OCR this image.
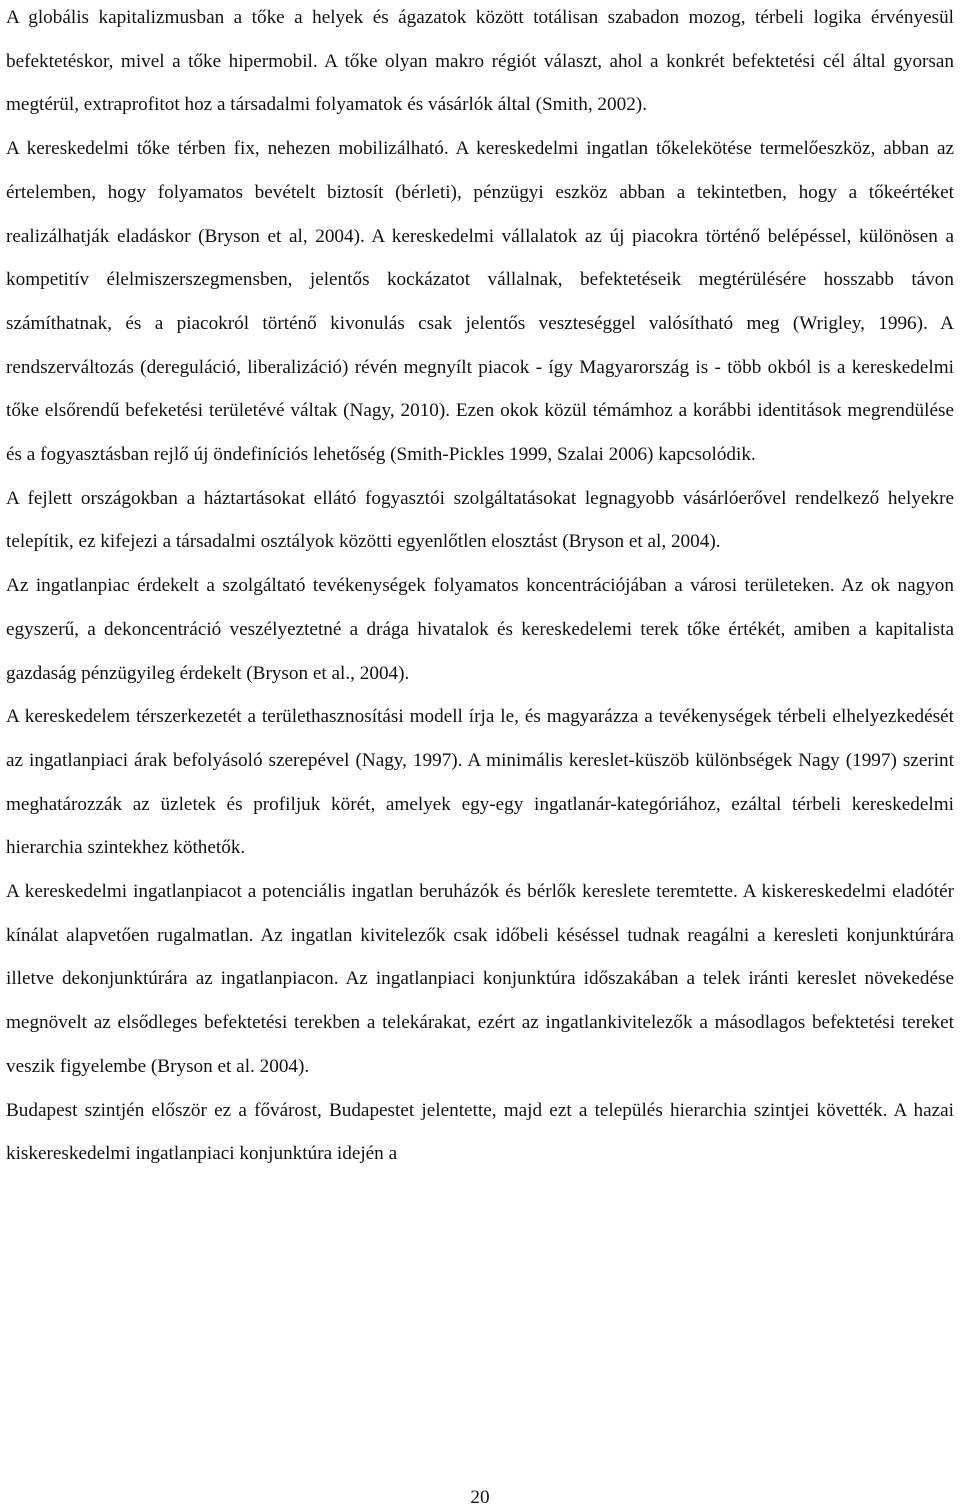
A globális kapitalizmusban a tőke a helyek és ágazatok között totálisan szabadon mozog, térbeli logika érvényesül befektetéskor, mivel a tőke hipermobil. A tőke olyan makro régiót választ, ahol a konkrét befektetési cél által gyorsan megtérül, extraprofitot hoz a társadalmi folyamatok és vásárlók által (Smith, 2002).

A kereskedelmi tőke térben fix, nehezen mobilizálható. A kereskedelmi ingatlan tőkelekötése termelőeszköz, abban az értelemben, hogy folyamatos bevételt biztosít (bérleti), pénzügyi eszköz abban a tekintetben, hogy a tőkeértéket realizálhatják eladáskor (Bryson et al, 2004). A kereskedelmi vállalatok az új piacokra történő belépéssel, különösen a kompetitív élelmiszerszegmensben, jelentős kockázatot vállalnak, befektetéseik megtérülésére hosszabb távon számíthatnak, és a piacokról történő kivonulás csak jelentős veszteséggel valósítható meg (Wrigley, 1996). A rendszerváltozás (dereguláció, liberalizáció) révén megnyílt piacok - így Magyarország is - több okból is a kereskedelmi tőke elsőrendű befeketési területévé váltak (Nagy, 2010). Ezen okok közül témámhoz a korábbi identitások megrendülése és a fogyasztásban rejlő új öndefiníciós lehetőség (Smith-Pickles 1999, Szalai 2006) kapcsolódik.

A fejlett országokban a háztartásokat ellátó fogyasztói szolgáltatásokat legnagyobb vásárlóerővel rendelkező helyekre telepítik, ez kifejezi a társadalmi osztályok közötti egyenlőtlen elosztást (Bryson et al, 2004).

Az ingatlanpiac érdekelt a szolgáltató tevékenységek folyamatos koncentrációjában a városi területeken. Az ok nagyon egyszerű, a dekoncentráció veszélyeztetné a drága hivatalok és kereskedelemi terek tőke értékét, amiben a kapitalista gazdaság pénzügyileg érdekelt (Bryson et al., 2004).

A kereskedelem térszerkezetét a területhasznosítási modell írja le, és magyarázza a tevékenységek térbeli elhelyezkedését az ingatlanpiaci árak befolyásoló szerepével (Nagy, 1997). A minimális kereslet-küszöb különbségek Nagy (1997) szerint meghatározzák az üzletek és profiljuk körét, amelyek egy-egy ingatlanár-kategóriához, ezáltal térbeli kereskedelmi hierarchia szintekhez köthetők.

A kereskedelmi ingatlanpiacot a potenciális ingatlan beruházók és bérlők kereslete teremtette. A kiskereskedelmi eladótér kínálat alapvetően rugalmatlan. Az ingatlan kivitelezők csak időbeli késéssel tudnak reagálni a keresleti konjunktúrára illetve dekonjunktúrára az ingatlanpiacon. Az ingatlanpiaci konjunktúra időszakában a telek iránti kereslet növekedése megnövelt az elsődleges befektetési terekben a telekárakat, ezért az ingatlankivitelezők a másodlagos befektetési tereket veszik figyelembe (Bryson et al. 2004).

Budapest szintjén először ez a fővárost, Budapestet jelentette, majd ezt a település hierarchia szintjei követték. A hazai kiskereskedelmi ingatlanpiaci konjunktúra idején a

20
